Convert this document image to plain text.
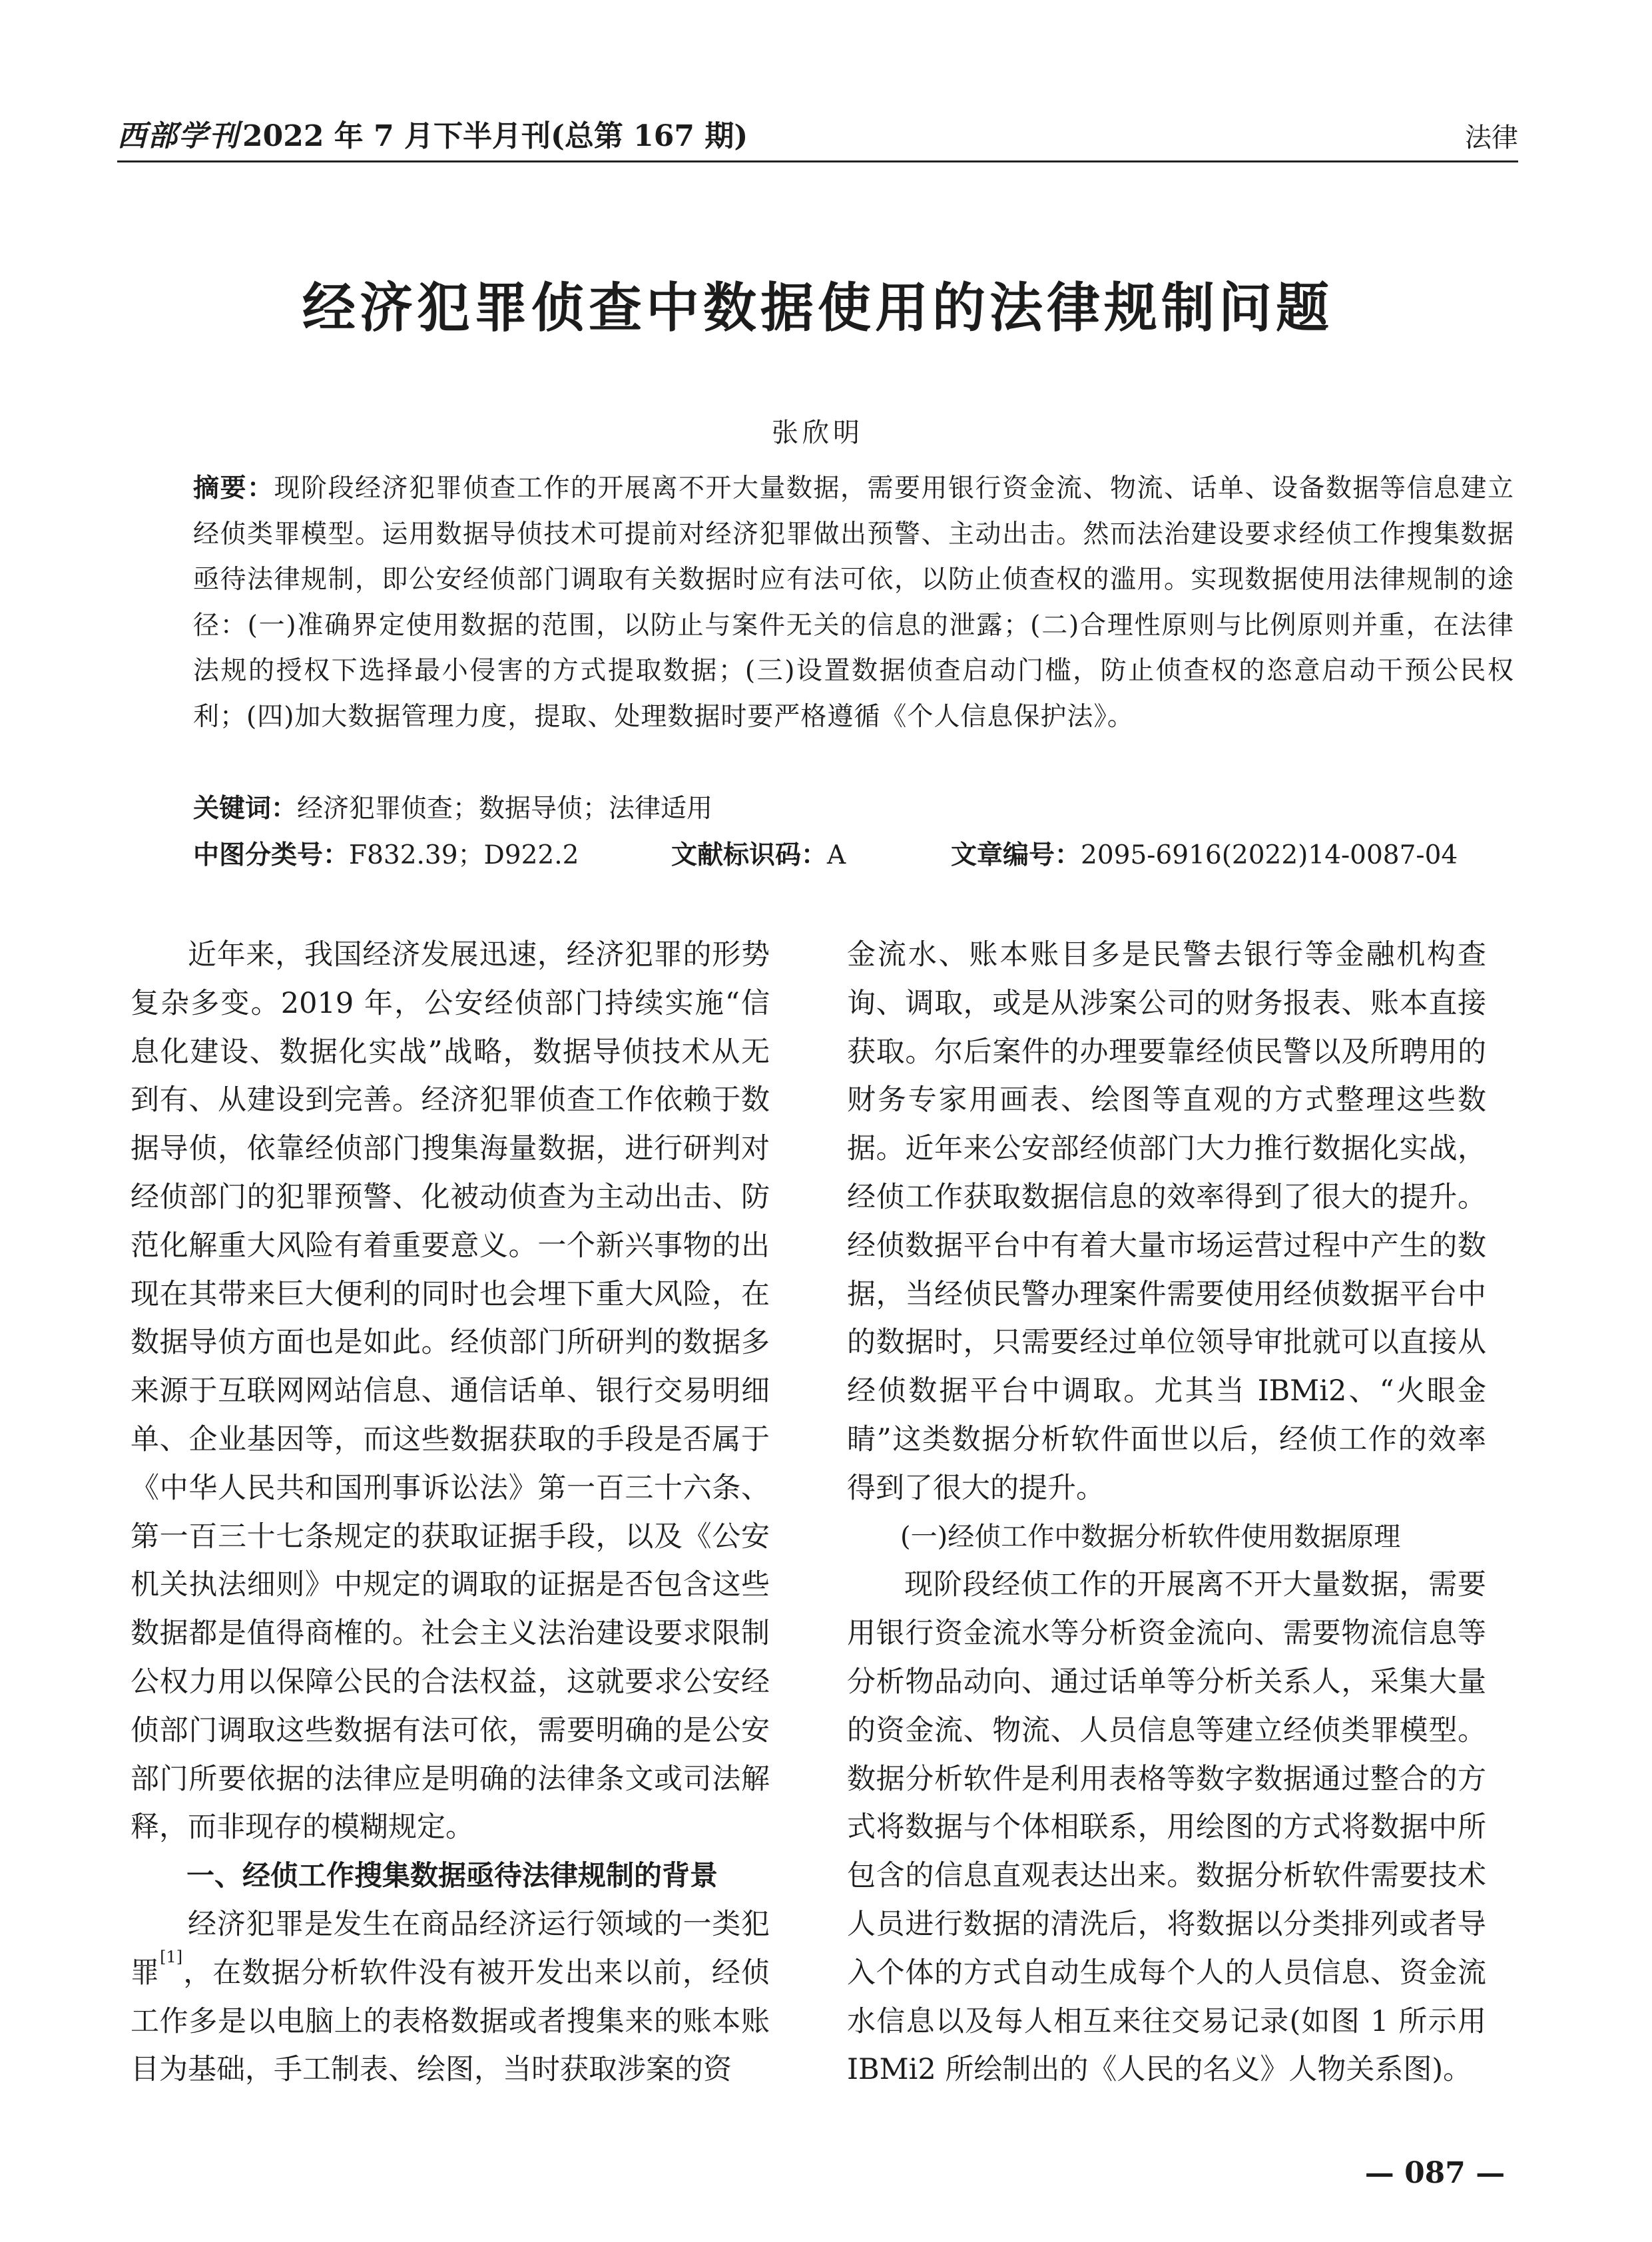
西部学刊2022 年 7 月下半月刊(总第 167 期)	法律
经济犯罪侦查中数据使用的法律规制问题
张欣明

摘要：现阶段经济犯罪侦查工作的开展离不开大量数据，需要用银行资金流、物流、话单、设备数据等信息建立经侦类罪模型。运用数据导侦技术可提前对经济犯罪做出预警、主动出击。然而法治建设要求经侦工作搜集数据亟待法律规制，即公安经侦部门调取有关数据时应有法可依，以防止侦查权的滥用。实现数据使用法律规制的途径：(一)准确界定使用数据的范围，以防止与案件无关的信息的泄露；(二)合理性原则与比例原则并重，在法律法规的授权下选择最小侵害的方式提取数据；(三)设置数据侦查启动门槛，防止侦查权的恣意启动干预公民权利；(四)加大数据管理力度，提取、处理数据时要严格遵循《个人信息保护法》。

关键词：经济犯罪侦查；数据导侦；法律适用
中图分类号：F832.39；D922.2	文献标识码：A	文章编号：2095-6916(2022)14-0087-04

近年来，我国经济发展迅速，经济犯罪的形势复杂多变。2019 年，公安经侦部门持续实施“信息化建设、数据化实战”战略，数据导侦技术从无到有、从建设到完善。经济犯罪侦查工作依赖于数据导侦，依靠经侦部门搜集海量数据，进行研判对经侦部门的犯罪预警、化被动侦查为主动出击、防范化解重大风险有着重要意义。一个新兴事物的出现在其带来巨大便利的同时也会埋下重大风险，在数据导侦方面也是如此。经侦部门所研判的数据多来源于互联网网站信息、通信话单、银行交易明细单、企业基因等，而这些数据获取的手段是否属于《中华人民共和国刑事诉讼法》第一百三十六条、第一百三十七条规定的获取证据手段，以及《公安机关执法细则》中规定的调取的证据是否包含这些数据都是值得商榷的。社会主义法治建设要求限制公权力用以保障公民的合法权益，这就要求公安经侦部门调取这些数据有法可依，需要明确的是公安部门所要依据的法律应是明确的法律条文或司法解释，而非现存的模糊规定。

一、经侦工作搜集数据亟待法律规制的背景

经济犯罪是发生在商品经济运行领域的一类犯罪[1]，在数据分析软件没有被开发出来以前，经侦工作多是以电脑上的表格数据或者搜集来的账本账目为基础，手工制表、绘图，当时获取涉案的资

金流水、账本账目多是民警去银行等金融机构查询、调取，或是从涉案公司的财务报表、账本直接获取。尔后案件的办理要靠经侦民警以及所聘用的财务专家用画表、绘图等直观的方式整理这些数据。近年来公安部经侦部门大力推行数据化实战，经侦工作获取数据信息的效率得到了很大的提升。经侦数据平台中有着大量市场运营过程中产生的数据，当经侦民警办理案件需要使用经侦数据平台中的数据时，只需要经过单位领导审批就可以直接从经侦数据平台中调取。尤其当 IBMi2、“火眼金睛”这类数据分析软件面世以后，经侦工作的效率得到了很大的提升。

(一)经侦工作中数据分析软件使用数据原理

现阶段经侦工作的开展离不开大量数据，需要用银行资金流水等分析资金流向、需要物流信息等分析物品动向、通过话单等分析关系人，采集大量的资金流、物流、人员信息等建立经侦类罪模型。数据分析软件是利用表格等数字数据通过整合的方式将数据与个体相联系，用绘图的方式将数据中所包含的信息直观表达出来。数据分析软件需要技术人员进行数据的清洗后，将数据以分类排列或者导入个体的方式自动生成每个人的人员信息、资金流水信息以及每人相互来往交易记录(如图 1 所示用 IBMi2 所绘制出的《人民的名义》人物关系图)。

— 087 —
